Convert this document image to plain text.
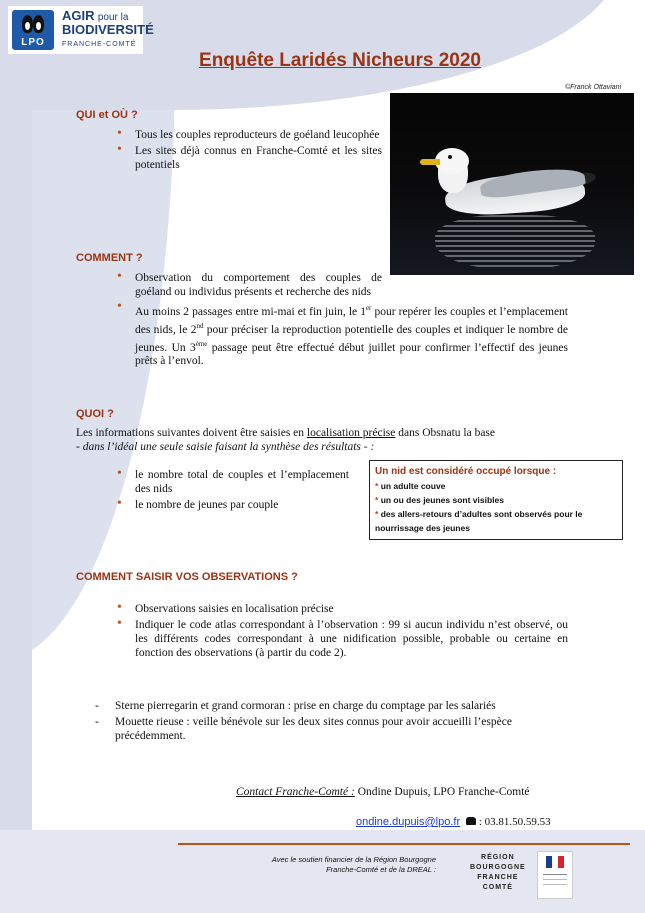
LPO
AGIR pour la
BIODIVERSITÉ
FRANCHE-COMTÉ
Enquête Laridés Nicheurs 2020
©Franck Ottaviani
QUI et OÙ ?
• Tous les couples reproducteurs de goéland leucophée
• Les sites déjà connus en Franche-Comté et les sites potentiels
COMMENT ?
• Observation du comportement des couples de goéland ou individus présents et recherche des nids
• Au moins 2 passages entre mi-mai et fin juin, le 1er pour repérer les couples et l’emplacement des nids, le 2nd pour préciser la reproduction potentielle des couples et indiquer le nombre de jeunes. Un 3ème passage peut être effectué début juillet pour confirmer l’effectif des jeunes prêts à l’envol.
QUOI ?
Les informations suivantes doivent être saisies en localisation précise dans Obsnatu la base
- dans l’idéal une seule saisie faisant la synthèse des résultats - :
• le nombre total de couples et l’emplacement des nids
• le nombre de jeunes par couple
Un nid est considéré occupé lorsque :
* un adulte couve
* un ou des jeunes sont visibles
* des allers-retours d’adultes sont observés pour le nourrissage des jeunes
COMMENT SAISIR VOS OBSERVATIONS ?
• Observations saisies en localisation précise
• Indiquer le code atlas correspondant à l’observation : 99 si aucun individu n’est observé, ou les différents codes correspondant à une nidification possible, probable ou certaine en fonction des observations (à partir du code 2).
- Sterne pierregarin et grand cormoran : prise en charge du comptage par les salariés
- Mouette rieuse : veille bénévole sur les deux sites connus pour avoir accueilli l’espèce précédemment.
Contact Franche-Comté : Ondine Dupuis, LPO Franche-Comté
ondine.dupuis@lpo.fr : 03.81.50.59.53
Avec le soutien financier de la Région Bourgogne
Franche-Comté et de la DREAL :
RÉGION
BOURGOGNE
FRANCHE
COMTÉ
